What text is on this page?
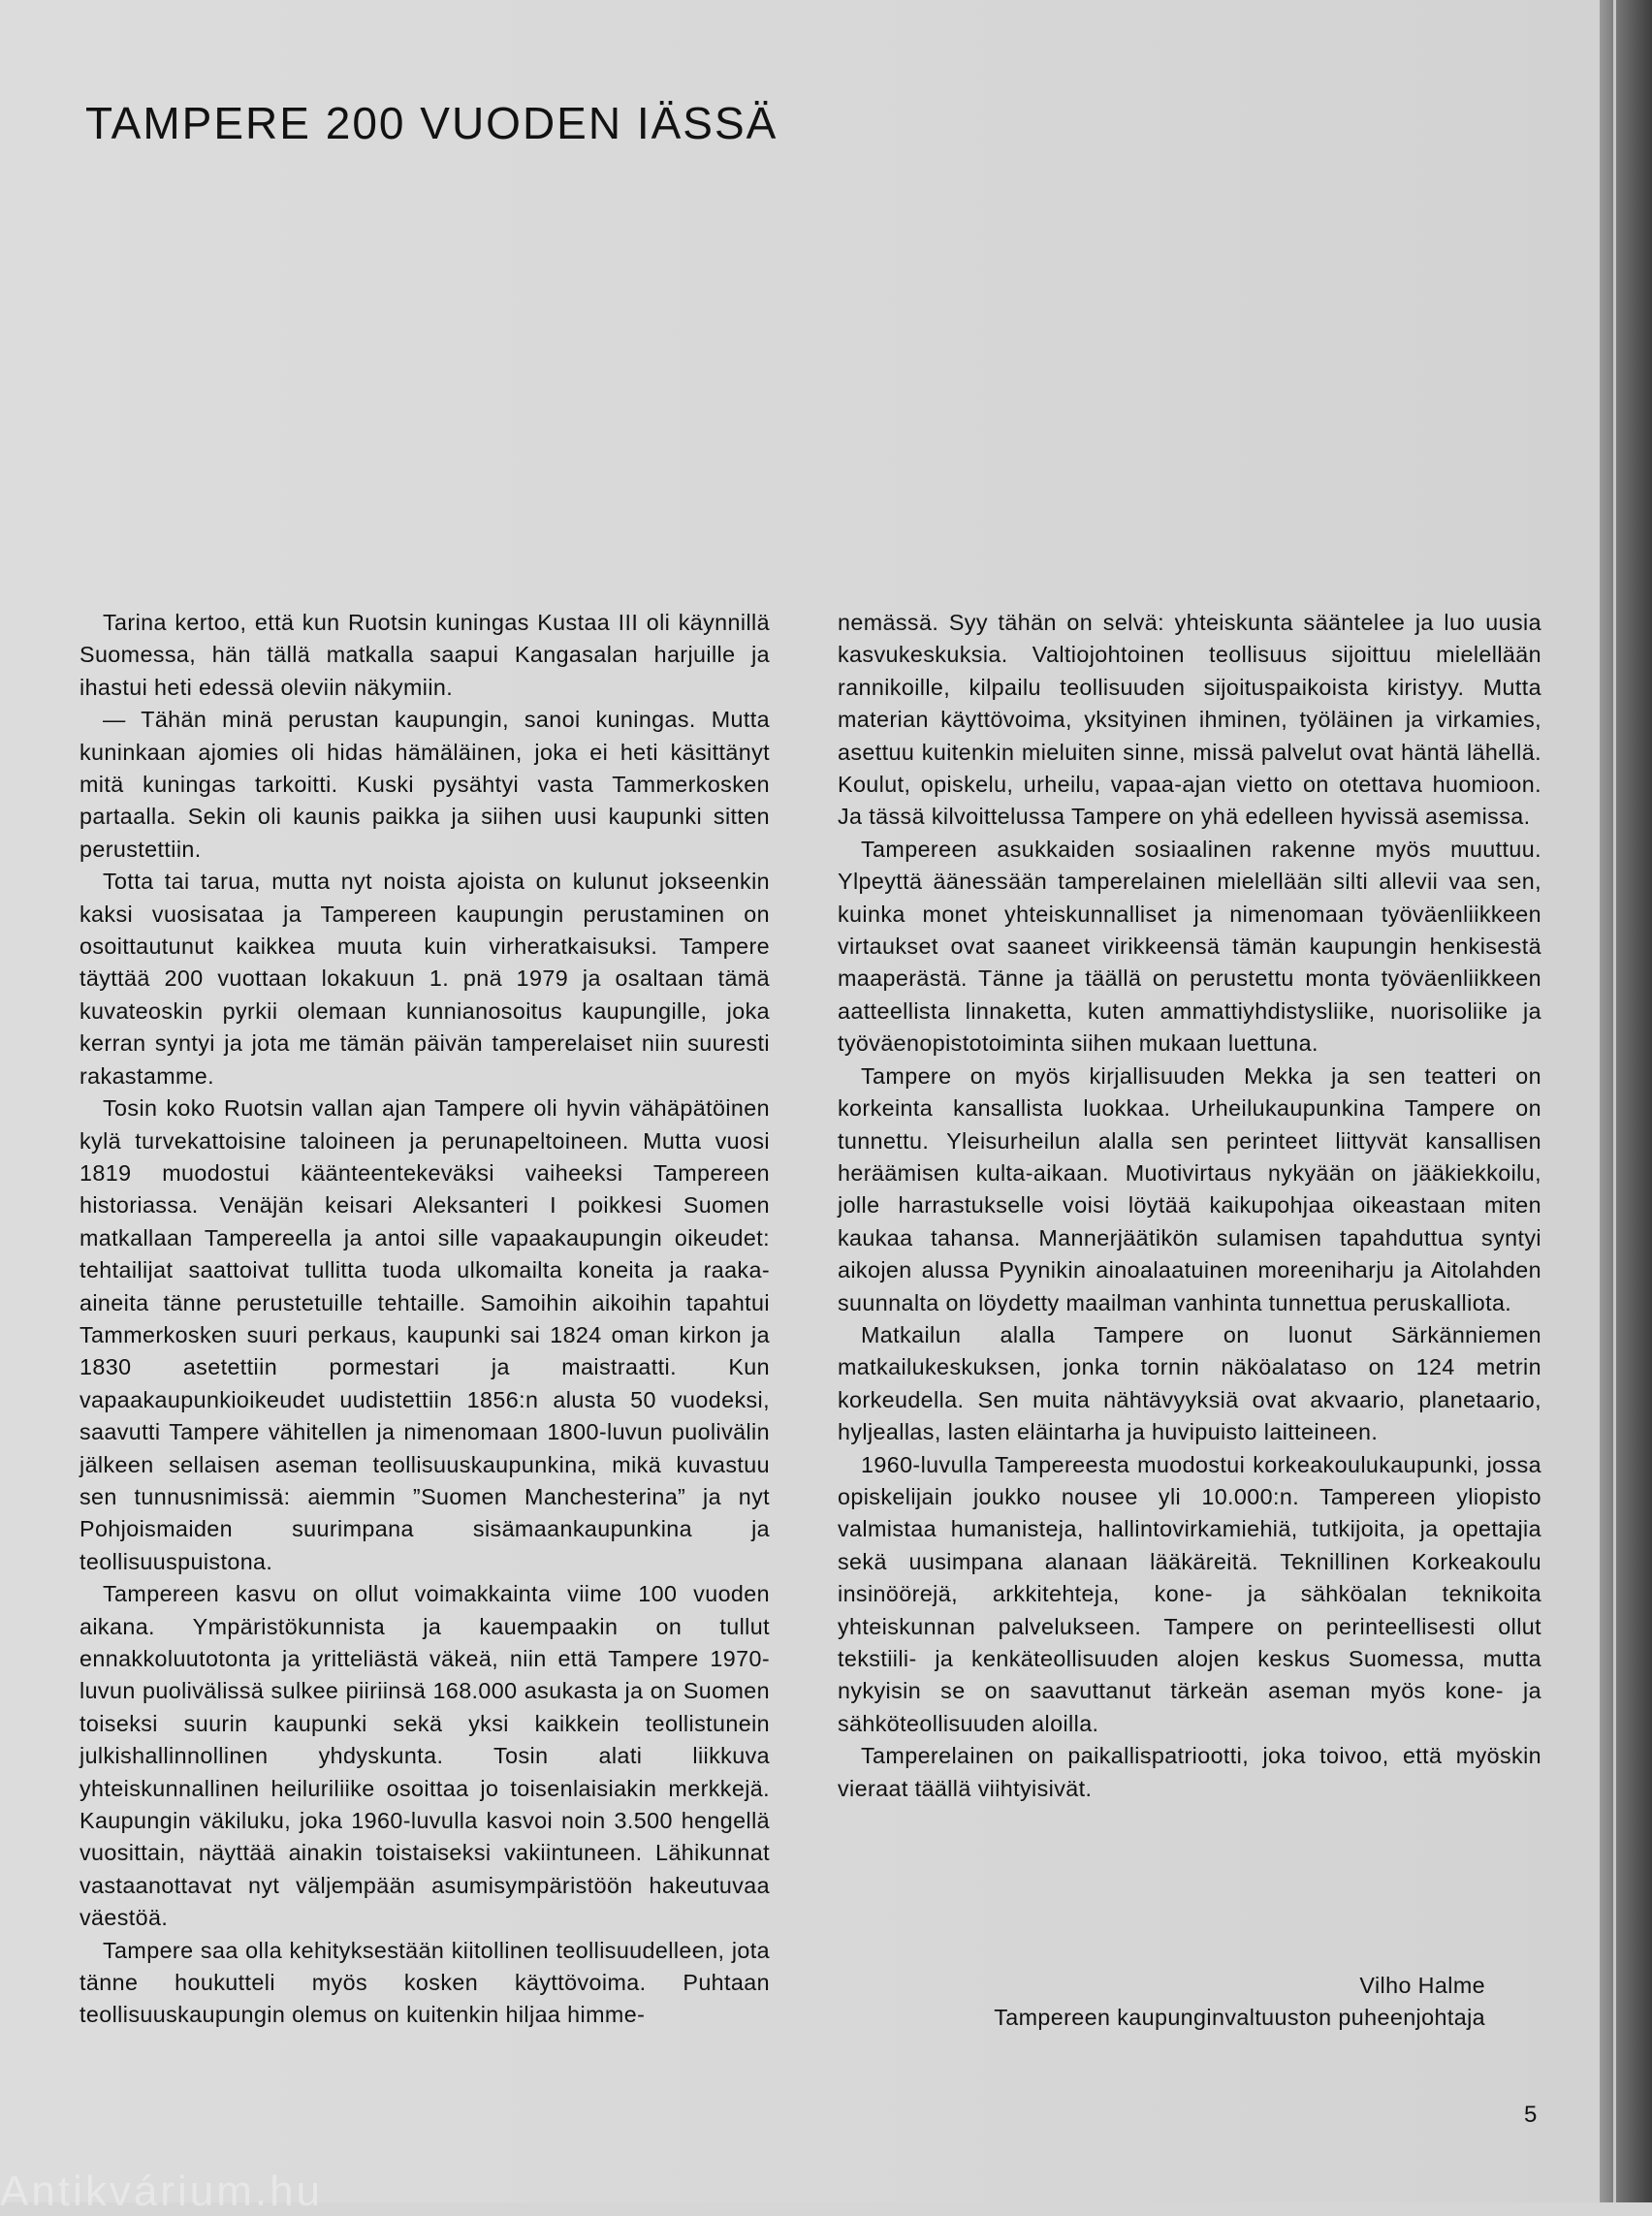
TAMPERE 200 VUODEN IÄSSÄ

Tarina kertoo, että kun Ruotsin kuningas Kustaa III oli käynnillä Suomessa, hän tällä matkalla saapui Kangasalan harjuille ja ihastui heti edessä oleviin näkymiin.

— Tähän minä perustan kaupungin, sanoi kuningas. Mutta kuninkaan ajomies oli hidas hämäläinen, joka ei heti käsittänyt mitä kuningas tarkoitti. Kuski pysähtyi vasta Tammerkosken partaalla. Sekin oli kaunis paikka ja siihen uusi kaupunki sitten perustettiin.

Totta tai tarua, mutta nyt noista ajoista on kulunut jokseenkin kaksi vuosisataa ja Tampereen kaupungin perustaminen on osoittautunut kaikkea muuta kuin virheratkaisuksi. Tampere täyttää 200 vuottaan lokakuun 1. pnä 1979 ja osaltaan tämä kuvateoskin pyrkii olemaan kunnianosoitus kaupungille, joka kerran syntyi ja jota me tämän päivän tamperelaiset niin suuresti rakastamme.

Tosin koko Ruotsin vallan ajan Tampere oli hyvin vähäpätöinen kylä turvekattoisine taloineen ja perunapeltoineen. Mutta vuosi 1819 muodostui käänteentekeväksi vaiheeksi Tampereen historiassa. Venäjän keisari Aleksanteri I poikkesi Suomen matkallaan Tampereella ja antoi sille vapaakaupungin oikeudet: tehtailijat saattoivat tullitta tuoda ulkomailta koneita ja raaka-aineita tänne perustetuille tehtaille. Samoihin aikoihin tapahtui Tammerkosken suuri perkaus, kaupunki sai 1824 oman kirkon ja 1830 asetettiin pormestari ja maistraatti. Kun vapaakaupunkioikeudet uudistettiin 1856:n alusta 50 vuodeksi, saavutti Tampere vähitellen ja nimenomaan 1800-luvun puolivälin jälkeen sellaisen aseman teollisuuskaupunkina, mikä kuvastuu sen tunnusnimissä: aiemmin ”Suomen Manchesterina” ja nyt Pohjoismaiden suurimpana sisämaankaupunkina ja teollisuuspuistona.

Tampereen kasvu on ollut voimakkainta viime 100 vuoden aikana. Ympäristökunnista ja kauempaakin on tullut ennakkoluutotonta ja yritteliästä väkeä, niin että Tampere 1970-luvun puolivälissä sulkee piiriinsä 168.000 asukasta ja on Suomen toiseksi suurin kaupunki sekä yksi kaikkein teollistunein julkishallinnollinen yhdyskunta. Tosin alati liikkuva yhteiskunnallinen heiluriliike osoittaa jo toisenlaisiakin merkkejä. Kaupungin väkiluku, joka 1960-luvulla kasvoi noin 3.500 hengellä vuosittain, näyttää ainakin toistaiseksi vakiintuneen. Lähikunnat vastaanottavat nyt väljempään asumisympäristöön hakeutuvaa väestöä.

Tampere saa olla kehityksestään kiitollinen teollisuudelleen, jota tänne houkutteli myös kosken käyttövoima. Puhtaan teollisuuskaupungin olemus on kuitenkin hiljaa himme-

nemässä. Syy tähän on selvä: yhteiskunta sääntelee ja luo uusia kasvukeskuksia. Valtiojohtoinen teollisuus sijoittuu mielellään rannikoille, kilpailu teollisuuden sijoituspaikoista kiristyy. Mutta materian käyttövoima, yksityinen ihminen, työläinen ja virkamies, asettuu kuitenkin mieluiten sinne, missä palvelut ovat häntä lähellä. Koulut, opiskelu, urheilu, vapaa-ajan vietto on otettava huomioon. Ja tässä kilvoittelussa Tampere on yhä edelleen hyvissä asemissa.

Tampereen asukkaiden sosiaalinen rakenne myös muuttuu. Ylpeyttä äänessään tamperelainen mielellään silti allevii vaa sen, kuinka monet yhteiskunnalliset ja nimenomaan työväenliikkeen virtaukset ovat saaneet virikkeensä tämän kaupungin henkisestä maaperästä. Tänne ja täällä on perustettu monta työväenliikkeen aatteellista linnaketta, kuten ammattiyhdistysliike, nuorisoliike ja työväenopistotoiminta siihen mukaan luettuna.

Tampere on myös kirjallisuuden Mekka ja sen teatteri on korkeinta kansallista luokkaa. Urheilukaupunkina Tampere on tunnettu. Yleisurheilun alalla sen perinteet liittyvät kansallisen heräämisen kulta-aikaan. Muotivirtaus nykyään on jääkiekkoilu, jolle harrastukselle voisi löytää kaikupohjaa oikeastaan miten kaukaa tahansa. Mannerjäätikön sulamisen tapahduttua syntyi aikojen alussa Pyynikin ainoalaatuinen moreeniharju ja Aitolahden suunnalta on löydetty maailman vanhinta tunnettua peruskalliota.

Matkailun alalla Tampere on luonut Särkänniemen matkailukeskuksen, jonka tornin näköalataso on 124 metrin korkeudella. Sen muita nähtävyyksiä ovat akvaario, planetaario, hyljeallas, lasten eläintarha ja huvipuisto laitteineen.

1960-luvulla Tampereesta muodostui korkeakoulukaupunki, jossa opiskelijain joukko nousee yli 10.000:n. Tampereen yliopisto valmistaa humanisteja, hallintovirkamiehiä, tutkijoita, ja opettajia sekä uusimpana alanaan lääkäreitä. Teknillinen Korkeakoulu insinöörejä, arkkitehteja, kone- ja sähköalan teknikoita yhteiskunnan palvelukseen. Tampere on perinteellisesti ollut tekstiili- ja kenkäteollisuuden alojen keskus Suomessa, mutta nykyisin se on saavuttanut tärkeän aseman myös kone- ja sähköteollisuuden aloilla.

Tamperelainen on paikallispatriootti, joka toivoo, että myöskin vieraat täällä viihtyisivät.

Vilho Halme
Tampereen kaupunginvaltuuston puheenjohtaja
5
Antikvárium.hu
